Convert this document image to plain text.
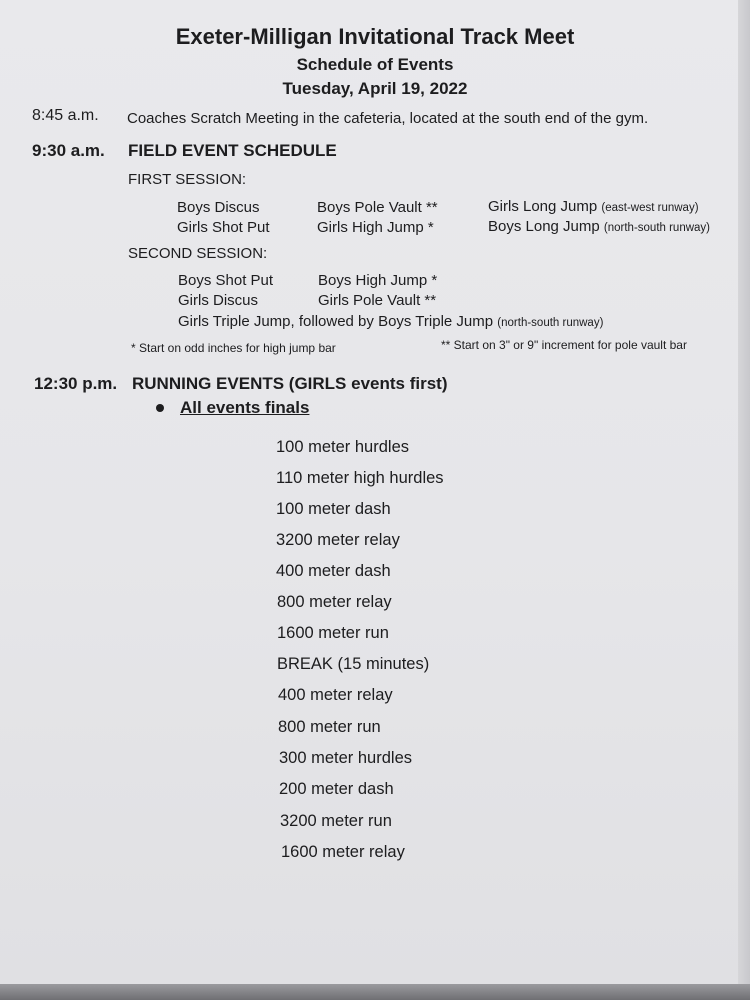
Exeter-Milligan Invitational Track Meet
Schedule of Events
Tuesday, April 19, 2022
8:45 a.m. Coaches Scratch Meeting in the cafeteria, located at the south end of the gym.
9:30 a.m. FIELD EVENT SCHEDULE
FIRST SESSION:
Boys Discus
Girls Shot Put
Boys Pole Vault **
Girls High Jump *
Girls Long Jump (east-west runway)
Boys Long Jump (north-south runway)
SECOND SESSION:
Boys Shot Put
Girls Discus
Boys High Jump *
Girls Pole Vault **
Girls Triple Jump, followed by Boys Triple Jump (north-south runway)
* Start on odd inches for high jump bar	** Start on 3" or 9" increment for pole vault bar
12:30 p.m. RUNNING EVENTS (GIRLS events first)
All events finals
100 meter hurdles
110 meter high hurdles
100 meter dash
3200 meter relay
400 meter dash
800 meter relay
1600 meter run
BREAK (15 minutes)
400 meter relay
800 meter run
300 meter hurdles
200 meter dash
3200 meter run
1600 meter relay
